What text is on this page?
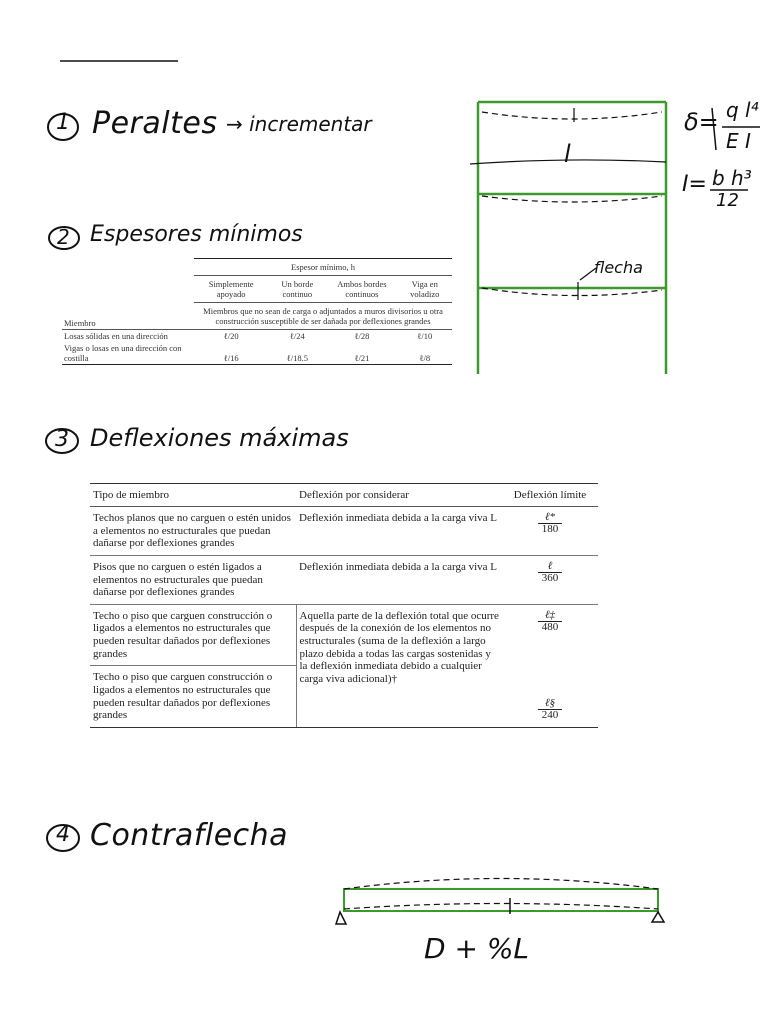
1 Peraltes → incrementar	δ= q l⁴
E I
I= b h³
12
l
flecha
2 Espesores mínimos
	Espesor mínimo, h			
	Simplemente apoyado	Un borde continuo	Ambos bordes continuos	Viga en voladizo
Miembro	Miembros que no sean de carga o adjuntados a muros divisorios u otra construcción susceptible de ser dañada por deflexiones grandes			
Losas sólidas en una dirección	ℓ/20	ℓ/24	ℓ/28	ℓ/10
Vigas o losas en una dirección con costilla	ℓ/16	ℓ/18.5	ℓ/21	ℓ/8
3 Deflexiones máximas
Tipo de miembro	Deflexión por considerar	Deflexión límite
Techos planos que no carguen o estén unidos a elementos no estructurales que puedan dañarse por deflexiones grandes	Deflexión inmediata debida a la carga viva L	$\frac{\text{ℓ*}}{180}$

Pisos que no carguen o estén ligados a elementos no estructurales que puedan dañarse por deflexiones grandes	Deflexión inmediata debida a la carga viva L	$\frac{\text{ℓ}}{360}$

Techo o piso que carguen construcción o ligados a elementos no estructurales que pueden resultar dañados por deflexiones grandes	Aquella parte de la deflexión total que ocurre después de la conexión de los elementos no estructurales (suma de la deflexión a largo plazo debida a todas las cargas sostenidas y la deflexión inmediata debido a cualquier carga viva adicional)†	$\frac{\text{ℓ‡}}{480}$

Techo o piso que carguen construcción o ligados a elementos no estructurales que pueden resultar dañados por deflexiones grandes		$\frac{\text{ℓ§}}{240}$
4 Contraflecha
D + %L
